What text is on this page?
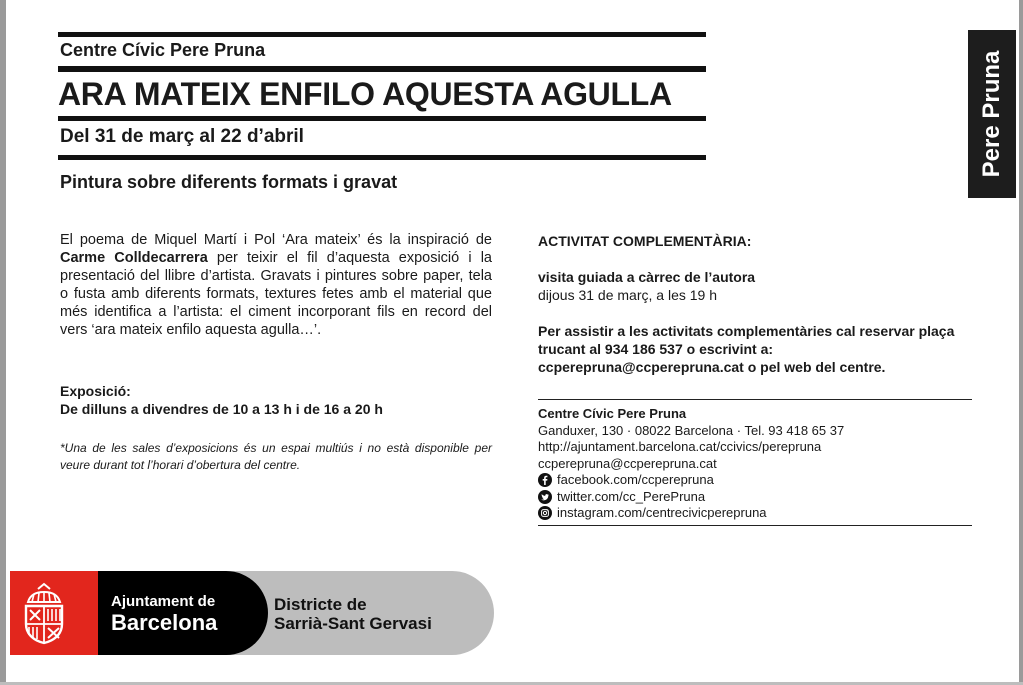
Centre Cívic Pere Pruna
ARA MATEIX ENFILO AQUESTA AGULLA
Del 31 de març al 22 d’abril
Pintura sobre diferents formats i gravat
Pere Pruna
El poema de Miquel Martí i Pol ‘Ara mateix’ és la inspiració de Carme Colldecarrera per teixir el fil d’aquesta exposició i la presentació del llibre d’artista. Gravats i pintures sobre paper, tela o fusta amb diferents formats, textures fetes amb el material que més identifica a l’artista: el ciment incorporant fils en record del vers ‘ara mateix enfilo aquesta agulla…’.
Exposició:
De dilluns a divendres de 10 a 13 h i de 16 a 20 h
*Una de les sales d’exposicions és un espai multiús i no està disponible per veure durant tot l’horari d’obertura del centre.
ACTIVITAT COMPLEMENTÀRIA:
visita guiada a càrrec de l’autora
dijous 31 de març, a les 19 h
Per assistir a les activitats complementàries cal reservar plaça trucant al 934 186 537 o escrivint a: ccperepruna@ccperepruna.cat o pel web del centre.
Centre Cívic Pere Pruna
Ganduxer, 130 · 08022 Barcelona · Tel. 93 418 65 37
http://ajuntament.barcelona.cat/ccivics/perepruna
ccperepruna@ccperepruna.cat
facebook.com/ccperepruna
twitter.com/cc_PerePruna
instagram.com/centrecivicperepruna
Ajuntament de
Barcelona
Districte de
Sarrià-Sant Gervasi
